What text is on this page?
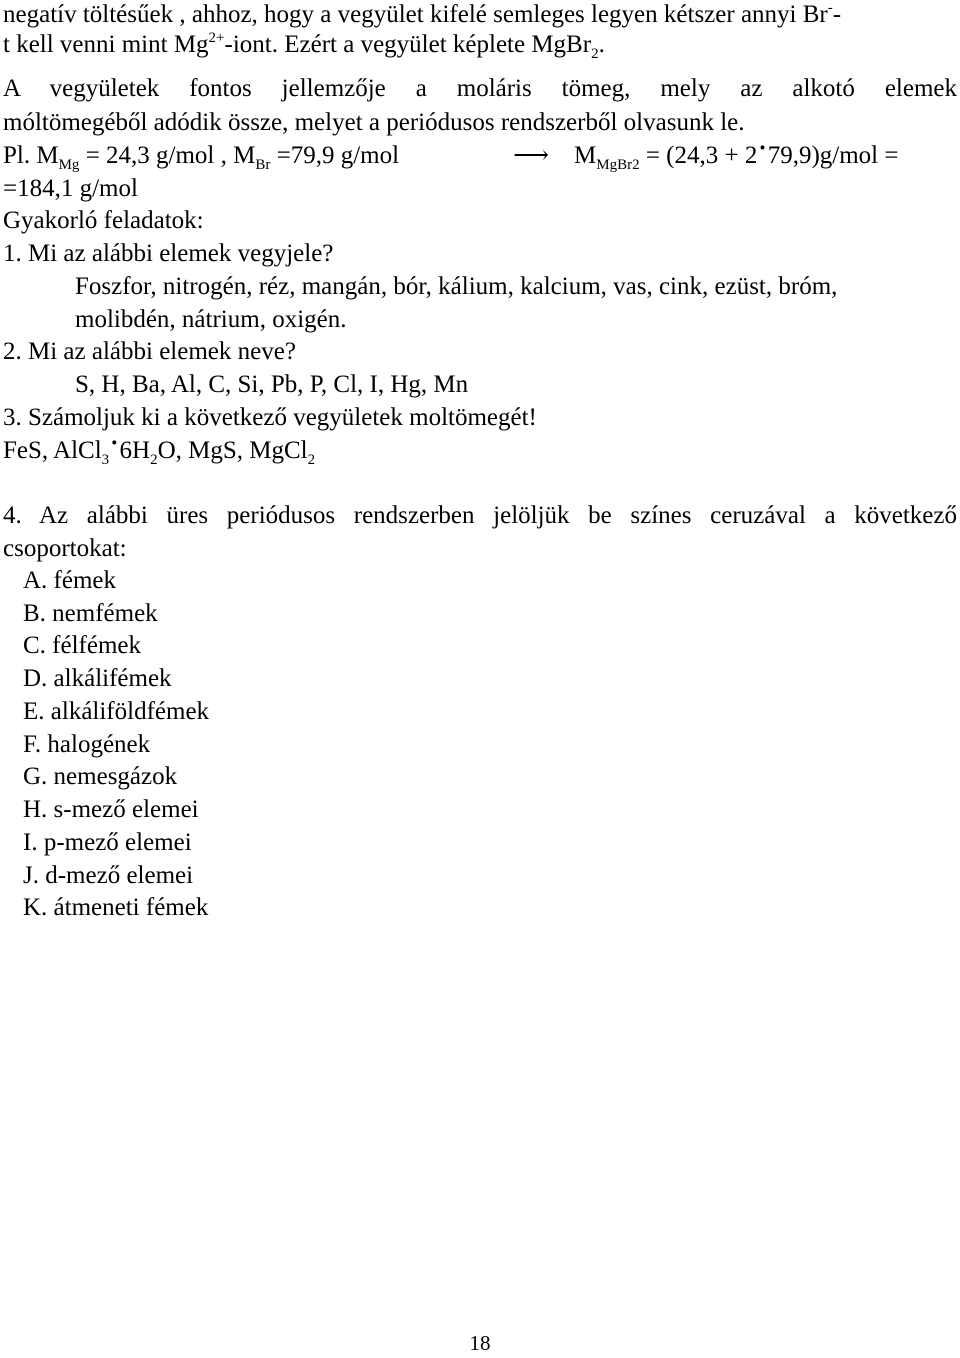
negatív töltésűek , ahhoz, hogy a vegyület kifelé semleges legyen kétszer annyi Br--
t kell venni mint $Mg^{2+}$-iont. Ezért a vegyület képlete MgBr$_2$.
A vegyületek fontos jellemzője a moláris tömeg, mely az alkotó elemek
móltömegéből adódik össze, melyet a periódusos rendszerből olvasunk le.
Pl. $M_{Mg} = 24,3$ g/mol , $M_{Br} =79,9$ g/mol	⟶	$M_{MgBr2} = (24,3 + 2\cdot 79,9)g/mol$ =
=184,1 g/mol
Gyakorló feladatok:
1. Mi az alábbi elemek vegyjele?
Foszfor, nitrogén, réz, mangán, bór, kálium, kalcium, vas, cink, ezüst, bróm,
molibdén, nátrium, oxigén.
2. Mi az alábbi elemek neve?
S, H, Ba, Al, C, Si, Pb, P, Cl, I, Hg, Mn
3. Számoljuk ki a következő vegyületek moltömegét!
FeS, $AlCl_3\cdot 6H_2O$, MgS, MgCl$_2$
4. Az alábbi üres periódusos rendszerben jelöljük be színes ceruzával a következő
csoportokat:
A. fémek
B. nemfémek
C. félfémek
D. alkálifémek
E. alkáliföldfémek
F. halogének
G. nemesgázok
H. s-mező elemei
I. p-mező elemei
J. d-mező elemei
K. átmeneti fémek
18
